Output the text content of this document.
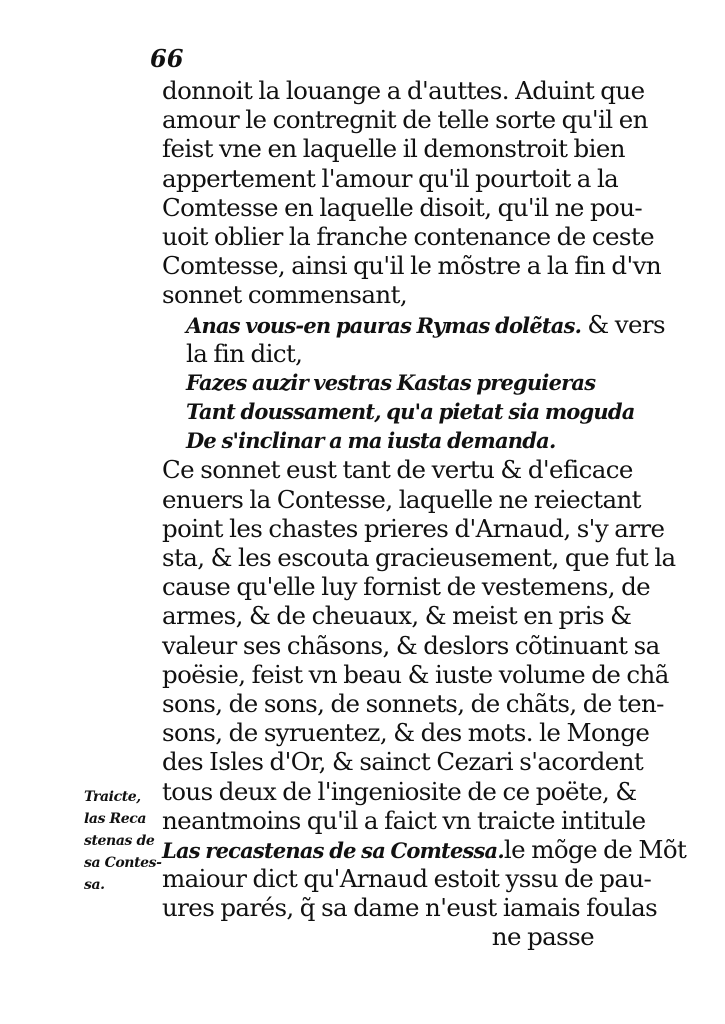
66
donnoit la louange a d'auttes. Aduint que
amour le contregnit de telle sorte qu'il en
feist vne en laquelle il demonstroit bien
appertement l'amour qu'il pourtoit a la
Comtesse en laquelle disoit, qu'il ne pou-
uoit oblier la franche contenance de ceste
Comtesse, ainsi qu'il le mõstre a la fin d'vn
sonnet commensant,
Anas vous-en pauras Rymas dolẽtas. & vers
la fin dict,
Fazes auzir vestras Kastas preguieras
Tant doussament, qu'a pietat sia moguda
De s'inclinar a ma iusta demanda.
Ce sonnet eust tant de vertu & d'eficace
enuers la Contesse, laquelle ne reiectant
point les chastes prieres d'Arnaud, s'y arre
sta, & les escouta gracieusement, que fut la
cause qu'elle luy fornist de vestemens, de
armes, & de cheuaux, & meist en pris &
valeur ses chãsons, & deslors cõtinuant sa
poësie, feist vn beau & iuste volume de chã
sons, de sons, de sonnets, de chãts, de ten-
sons, de syruentez, & des mots. le Monge
des Isles d'Or, & sainct Cezari s'acordent
tous deux de l'ingeniosite de ce poëte, &
neantmoins qu'il a faict vn traicte intitule
Las recastenas de sa Comtessa.le mõge de Mõt
maiour dict qu'Arnaud estoit yssu de pau-
ures parés, q̃ sa dame n'eust iamais foulas
ne passe
Traicte,
las Reca
stenas de
sa Contes-
sa.
